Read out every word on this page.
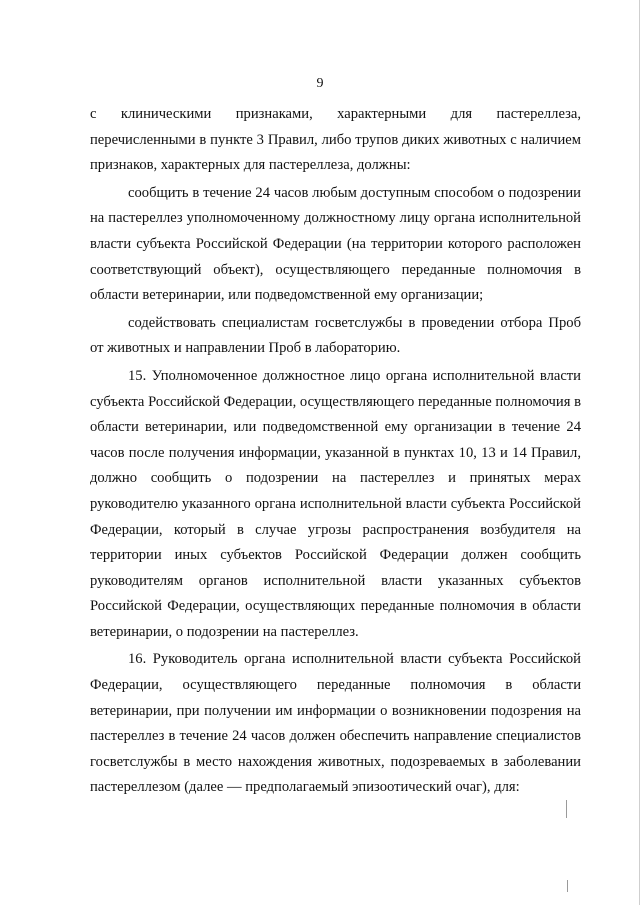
9

с клиническими признаками, характерными для пастереллеза, перечисленными в пункте 3 Правил, либо трупов диких животных с наличием признаков, характерных для пастереллеза, должны:

сообщить в течение 24 часов любым доступным способом о подозрении на пастереллез уполномоченному должностному лицу органа исполнительной власти субъекта Российской Федерации (на территории которого расположен соответствующий объект), осуществляющего переданные полномочия в области ветеринарии, или подведомственной ему организации;

содействовать специалистам госветслужбы в проведении отбора Проб от животных и направлении Проб в лабораторию.

15. Уполномоченное должностное лицо органа исполнительной власти субъекта Российской Федерации, осуществляющего переданные полномочия в области ветеринарии, или подведомственной ему организации в течение 24 часов после получения информации, указанной в пунктах 10, 13 и 14 Правил, должно сообщить о подозрении на пастереллез и принятых мерах руководителю указанного органа исполнительной власти субъекта Российской Федерации, который в случае угрозы распространения возбудителя на территории иных субъектов Российской Федерации должен сообщить руководителям органов исполнительной власти указанных субъектов Российской Федерации, осуществляющих переданные полномочия в области ветеринарии, о подозрении на пастереллез.

16. Руководитель органа исполнительной власти субъекта Российской Федерации, осуществляющего переданные полномочия в области ветеринарии, при получении им информации о возникновении подозрения на пастереллез в течение 24 часов должен обеспечить направление специалистов госветслужбы в место нахождения животных, подозреваемых в заболевании пастереллезом (далее — предполагаемый эпизоотический очаг), для:
